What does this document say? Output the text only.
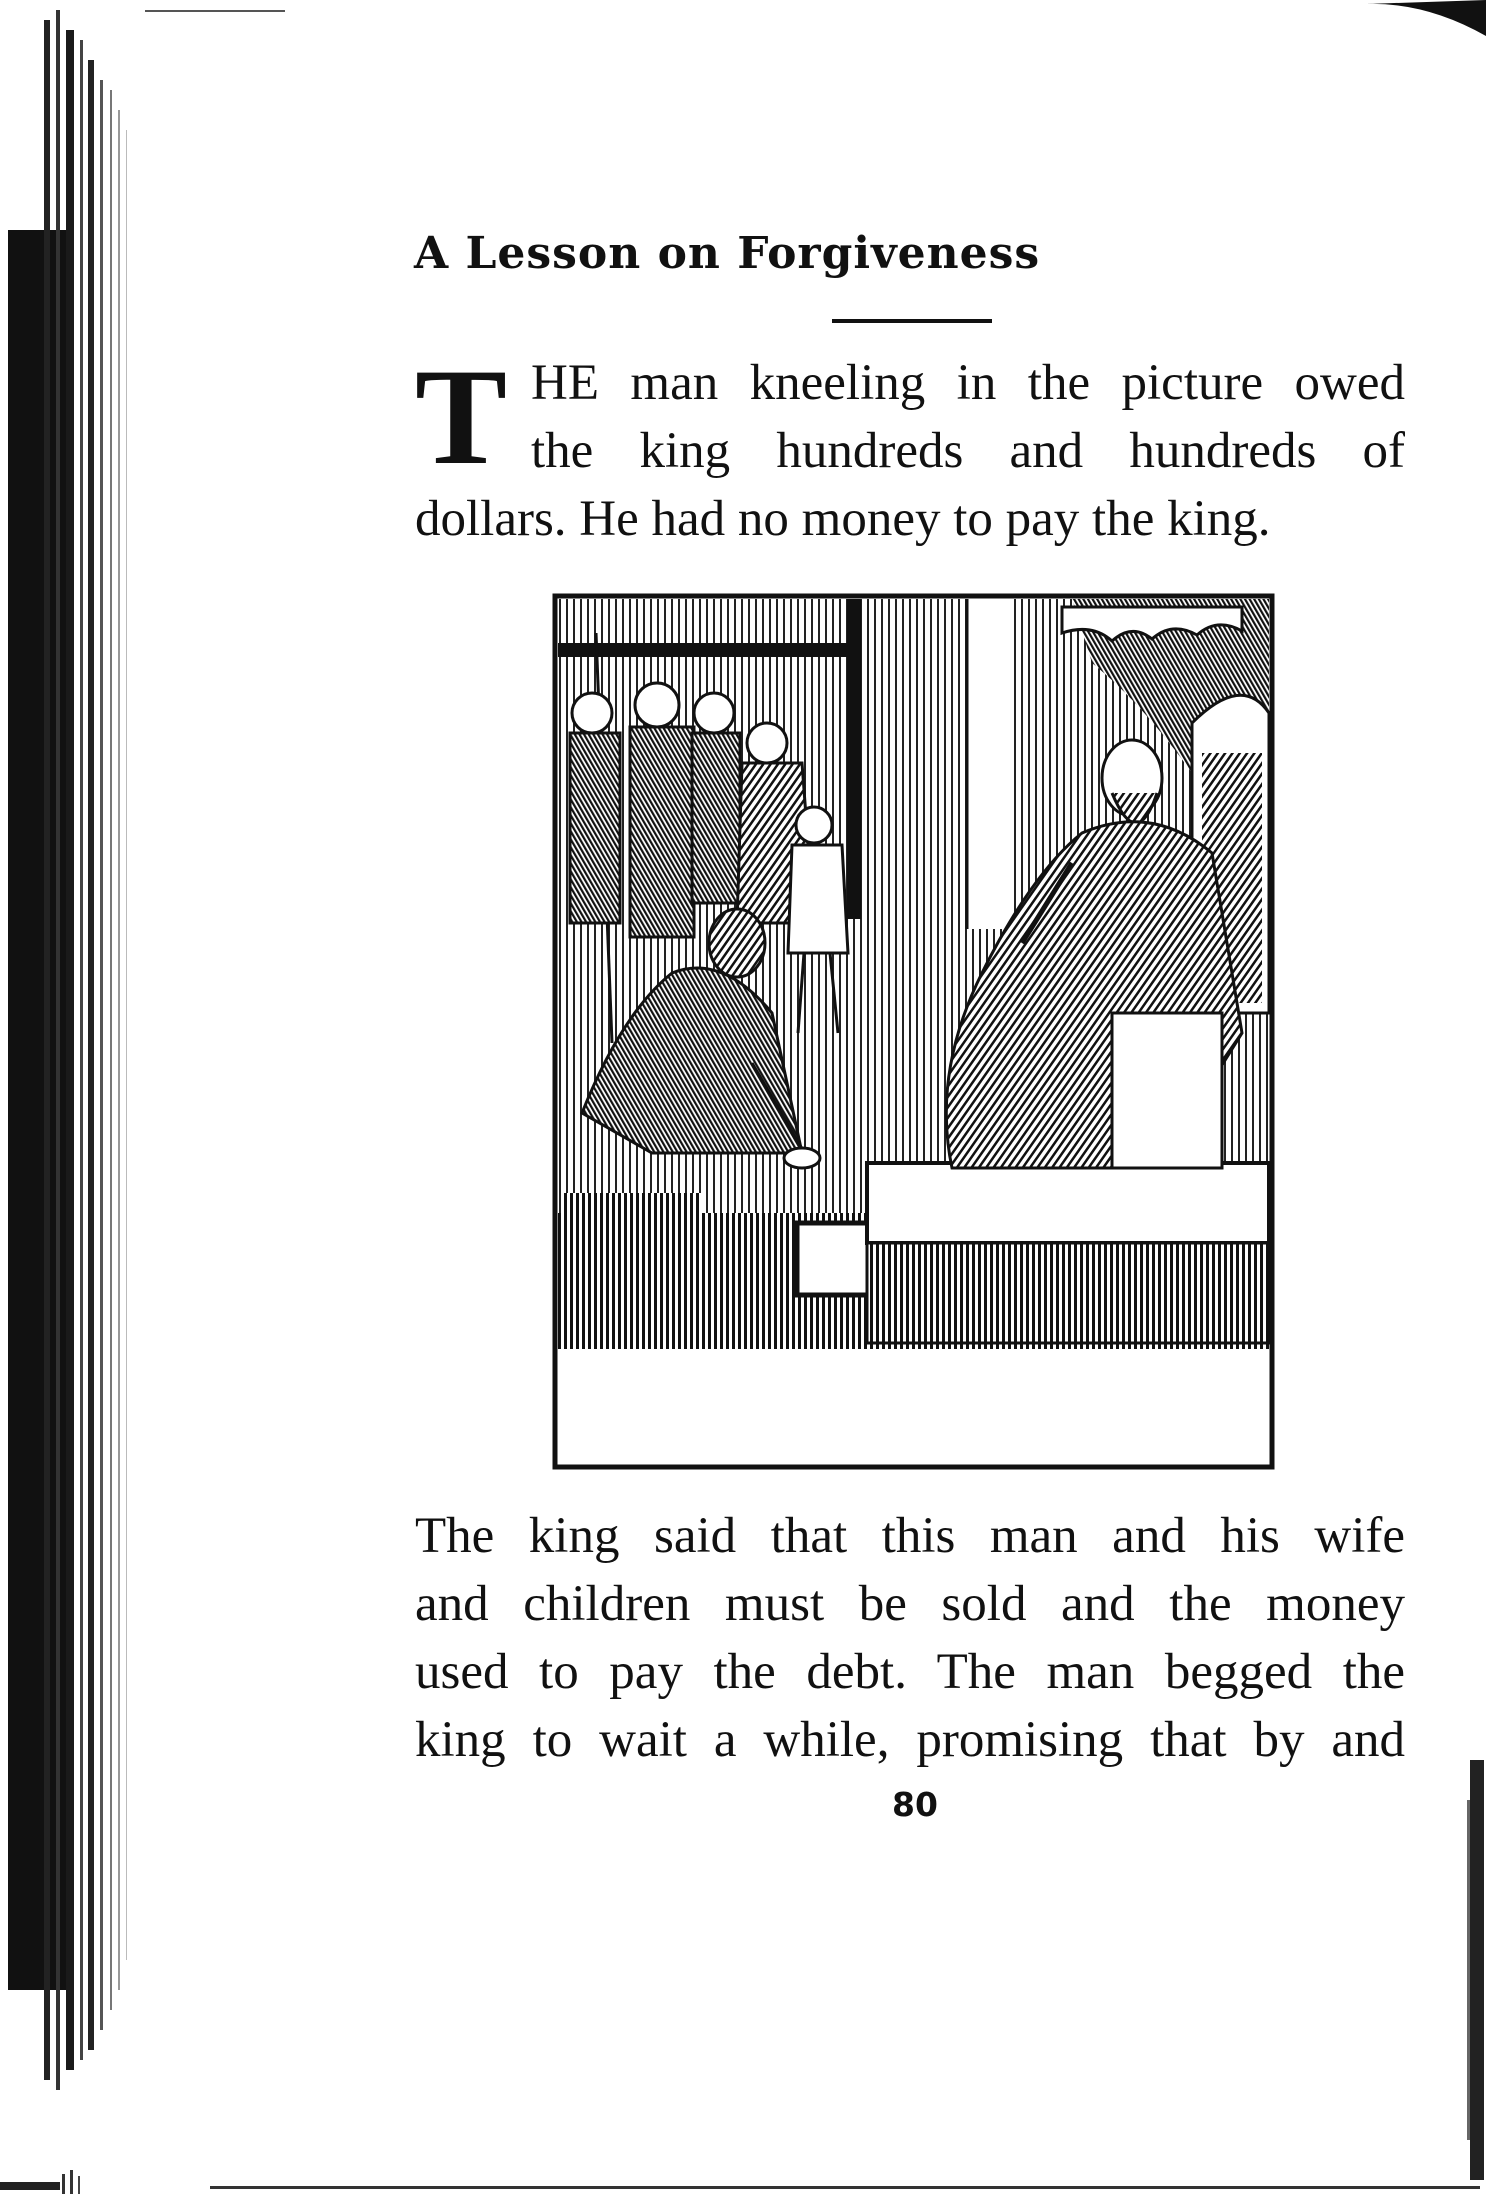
A Lesson on Forgiveness
T HE man kneeling in the picture owed
the king hundreds and hundreds of
dollars. He had no money to pay the king.
The king said that this man and his wife
and children must be sold and the money
used to pay the debt. The man begged the
king to wait a while, promising that by and
80
